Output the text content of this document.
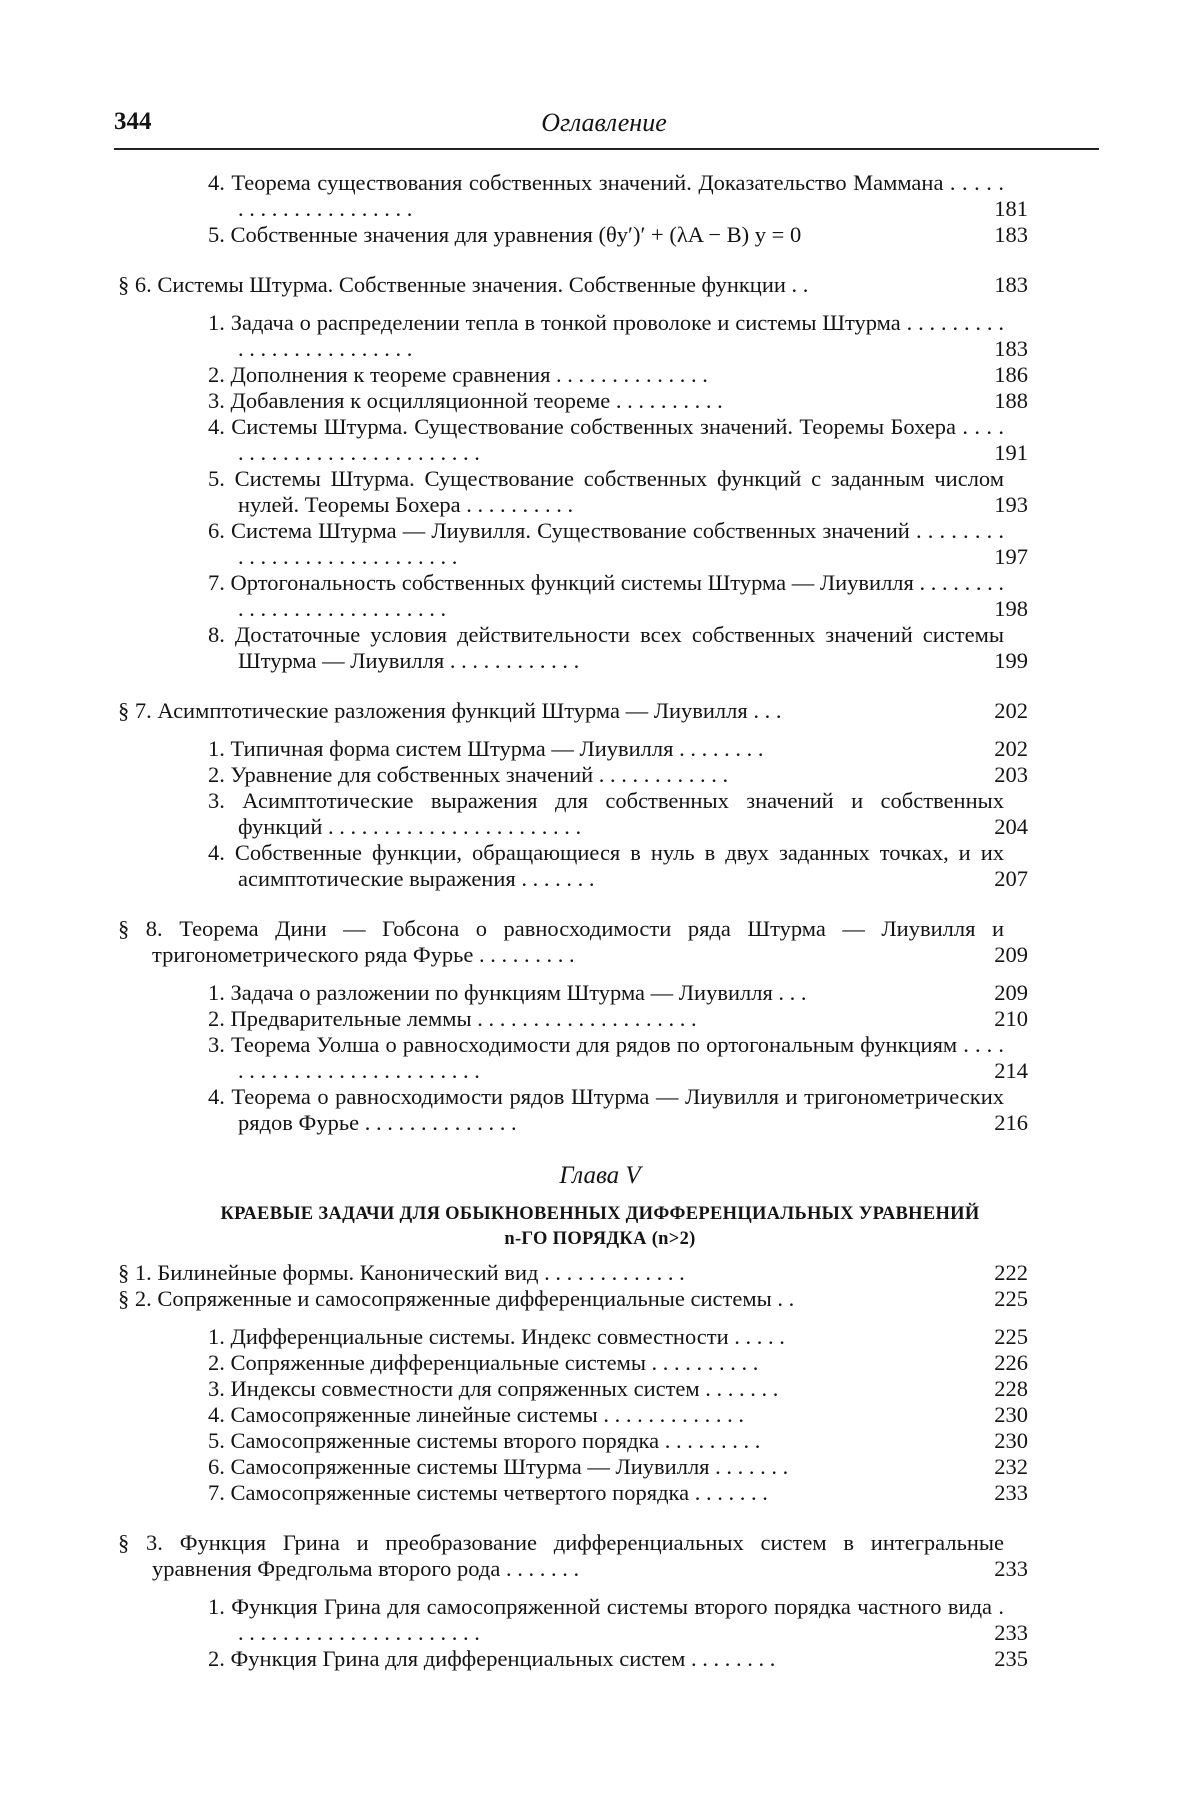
344	Оглавление
4. Теорема существования собственных значений. Доказательство Маммана . . . . . . . . . . . . . . . . . . . . .	181
5. Собственные значения для уравнения (θy′)′ + (λA − B) y = 0	183
§ 6. Системы Штурма. Собственные значения. Собственные функции . .	183
1. Задача о распределении тепла в тонкой проволоке и системы Штурма . . . . . . . . . . . . . . . . . . . . . . . . .	183
2. Дополнения к теореме сравнения . . . . . . . . . . . . . .	186
3. Добавления к осцилляционной теореме . . . . . . . . . .	188
4. Системы Штурма. Существование собственных значений. Теоремы Бохера . . . . . . . . . . . . . . . . . . . . . . . . . .	191
5. Системы Штурма. Существование собственных функций с заданным числом нулей. Теоремы Бохера . . . . . . . . . .	193
6. Система Штурма — Лиувилля. Существование собственных значений . . . . . . . . . . . . . . . . . . . . . . . . . . . .	197
7. Ортогональность собственных функций системы Штурма — Лиувилля . . . . . . . . . . . . . . . . . . . . . . . . . . .	198
8. Достаточные условия действительности всех собственных значений системы Штурма — Лиувилля . . . . . . . . . . . .	199
§ 7. Асимптотические разложения функций Штурма — Лиувилля . . .	202
1. Типичная форма систем Штурма — Лиувилля . . . . . . . .	202
2. Уравнение для собственных значений . . . . . . . . . . . .	203
3. Асимптотические выражения для собственных значений и собственных функций . . . . . . . . . . . . . . . . . . . . . . .	204
4. Собственные функции, обращающиеся в нуль в двух заданных точках, и их асимптотические выражения . . . . . . .	207
§ 8. Теорема Дини — Гобсона о равносходимости ряда Штурма — Лиувилля и тригонометрического ряда Фурье . . . . . . . . .	209
1. Задача о разложении по функциям Штурма — Лиувилля . . .	209
2. Предварительные леммы . . . . . . . . . . . . . . . . . . . .	210
3. Теорема Уолша о равносходимости для рядов по ортогональным функциям . . . . . . . . . . . . . . . . . . . . . . . . . .	214
4. Теорема о равносходимости рядов Штурма — Лиувилля и тригонометрических рядов Фурье . . . . . . . . . . . . . .	216
Глава V
КРАЕВЫЕ ЗАДАЧИ ДЛЯ ОБЫКНОВЕННЫХ ДИФФЕРЕНЦИАЛЬНЫХ УРАВНЕНИЙ n-ГО ПОРЯДКА (n>2)
§ 1. Билинейные формы. Канонический вид . . . . . . . . . . . . .	222
§ 2. Сопряженные и самосопряженные дифференциальные системы . .	225
1. Дифференциальные системы. Индекс совместности . . . . .	225
2. Сопряженные дифференциальные системы . . . . . . . . . .	226
3. Индексы совместности для сопряженных систем . . . . . . .	228
4. Самосопряженные линейные системы . . . . . . . . . . . . .	230
5. Самосопряженные системы второго порядка . . . . . . . . .	230
6. Самосопряженные системы Штурма — Лиувилля . . . . . . .	232
7. Самосопряженные системы четвертого порядка . . . . . . .	233
§ 3. Функция Грина и преобразование дифференциальных систем в интегральные уравнения Фредгольма второго рода . . . . . . .	233
1. Функция Грина для самосопряженной системы второго порядка частного вида . . . . . . . . . . . . . . . . . . . . . . .	233
2. Функция Грина для дифференциальных систем . . . . . . . .	235
